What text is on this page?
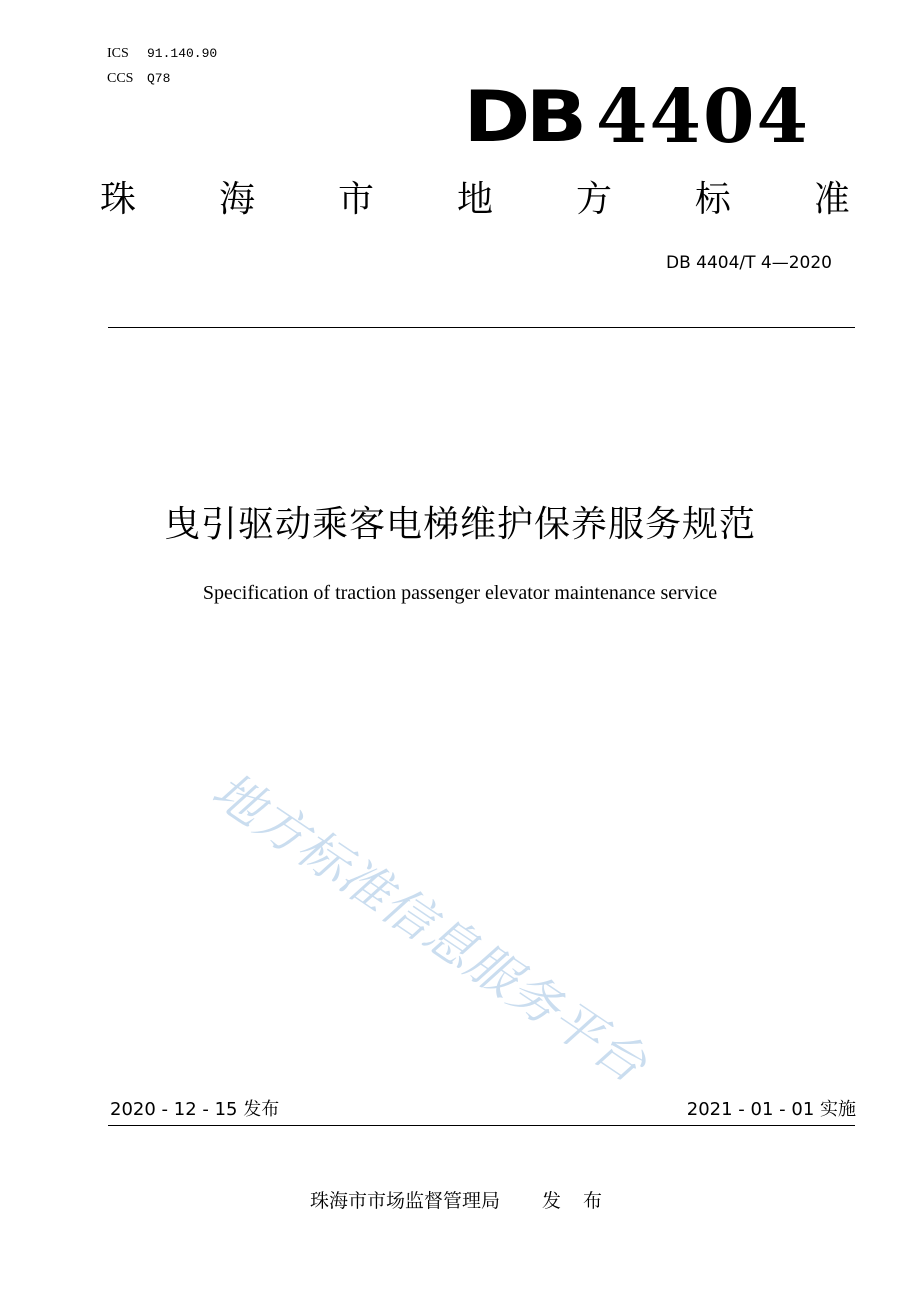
ICS 91.140.90
CCS Q78	DB 4404
珠 海 市 地 方 标 准
DB 4404/T 4—2020
曳引驱动乘客电梯维护保养服务规范
Specification of traction passenger elevator maintenance service
地方标准信息服务平台
2020 - 12 - 15 发布	2021 - 01 - 01 实施
珠海市市场监督管理局 发 布
